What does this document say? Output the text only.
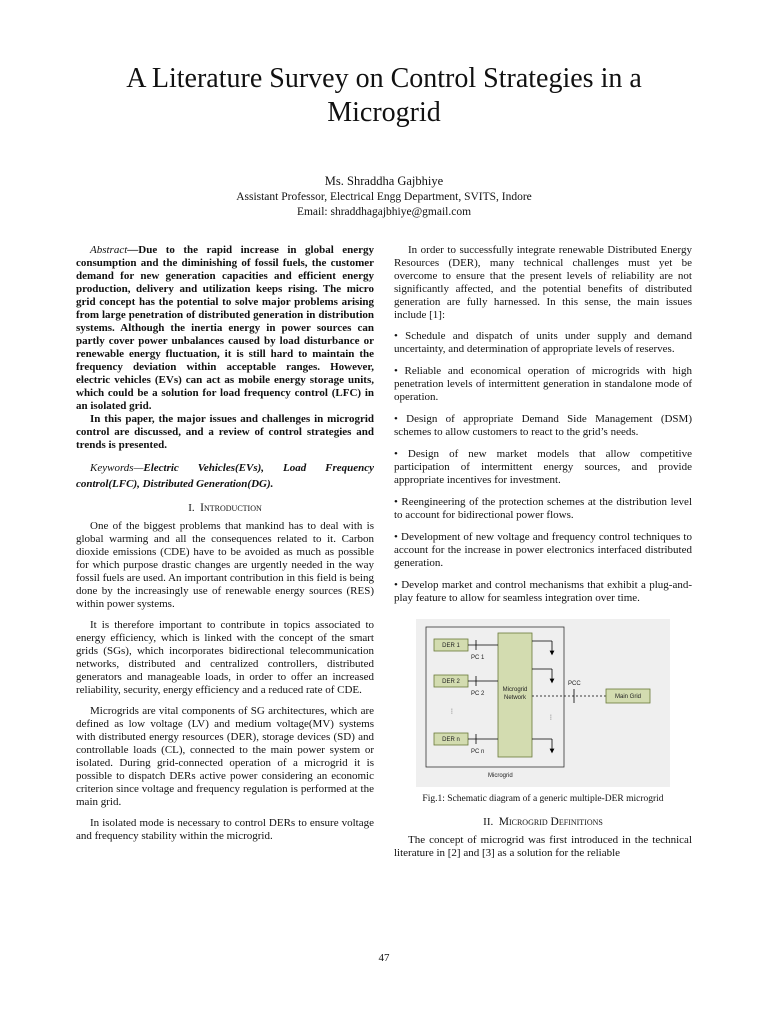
A Literature Survey on Control Strategies in a Microgrid
Ms. Shraddha Gajbhiye
Assistant Professor, Electrical Engg Department, SVITS, Indore
Email: shraddhagajbhiye@gmail.com

Abstract—Due to the rapid increase in global energy consumption and the diminishing of fossil fuels, the customer demand for new generation capacities and efficient energy production, delivery and utilization keeps rising. The micro grid concept has the potential to solve major problems arising from large penetration of distributed generation in distribution systems. Although the inertia energy in power sources can partly cover power unbalances caused by load disturbance or renewable energy fluctuation, it is still hard to maintain the frequency deviation within acceptable ranges. However, electric vehicles (EVs) can act as mobile energy storage units, which could be a solution for load frequency control (LFC) in an isolated grid.

In this paper, the major issues and challenges in microgrid control are discussed, and a review of control strategies and trends is presented.

Keywords—Electric Vehicles(EVs), Load Frequency control(LFC), Distributed Generation(DG).

I. Introduction

One of the biggest problems that mankind has to deal with is global warming and all the consequences related to it. Carbon dioxide emissions (CDE) have to be avoided as much as possible for which purpose drastic changes are urgently needed in the way fossil fuels are used. An important contribution in this field is being done by the increasingly use of renewable energy sources (RES) within power systems.

It is therefore important to contribute in topics associated to energy efficiency, which is linked with the concept of the smart grids (SGs), which incorporates bidirectional telecommunication networks, distributed and centralized controllers, distributed generators and manageable loads, in order to offer an increased reliability, security, energy efficiency and a reduced rate of CDE.

Microgrids are vital components of SG architectures, which are defined as low voltage (LV) and medium voltage(MV) systems with distributed energy resources (DER), storage devices (SD) and controllable loads (CL), connected to the main power system or isolated. During grid-connected operation of a microgrid it is possible to dispatch DERs active power considering an economic criterion since voltage and frequency regulation is performed at the main grid.

In isolated mode is necessary to control DERs to ensure voltage and frequency stability within the microgrid.

In order to successfully integrate renewable Distributed Energy Resources (DER), many technical challenges must yet be overcome to ensure that the present levels of reliability are not significantly affected, and the potential benefits of distributed generation are fully harnessed. In this sense, the main issues include [1]:

• Schedule and dispatch of units under supply and demand uncertainty, and determination of appropriate levels of reserves.

• Reliable and economical operation of microgrids with high penetration levels of intermittent generation in standalone mode of operation.

• Design of appropriate Demand Side Management (DSM) schemes to allow customers to react to the grid’s needs.

• Design of new market models that allow competitive participation of intermittent energy sources, and provide appropriate incentives for investment.

• Reengineering of the protection schemes at the distribution level to account for bidirectional power flows.

• Development of new voltage and frequency control techniques to account for the increase in power electronics interfaced distributed generation.

• Develop market and control mechanisms that exhibit a plug-and-play feature to allow for seamless integration over time.

Microgrid
Network
DER 1
PC 1
DER 2
PC 2
⋮
DER n
PC n
⋮
PCC
Main Grid
Microgrid

Fig.1: Schematic diagram of a generic multiple-DER microgrid

II. Microgrid Definitions

The concept of microgrid was first introduced in the technical literature in [2] and [3] as a solution for the reliable

47
